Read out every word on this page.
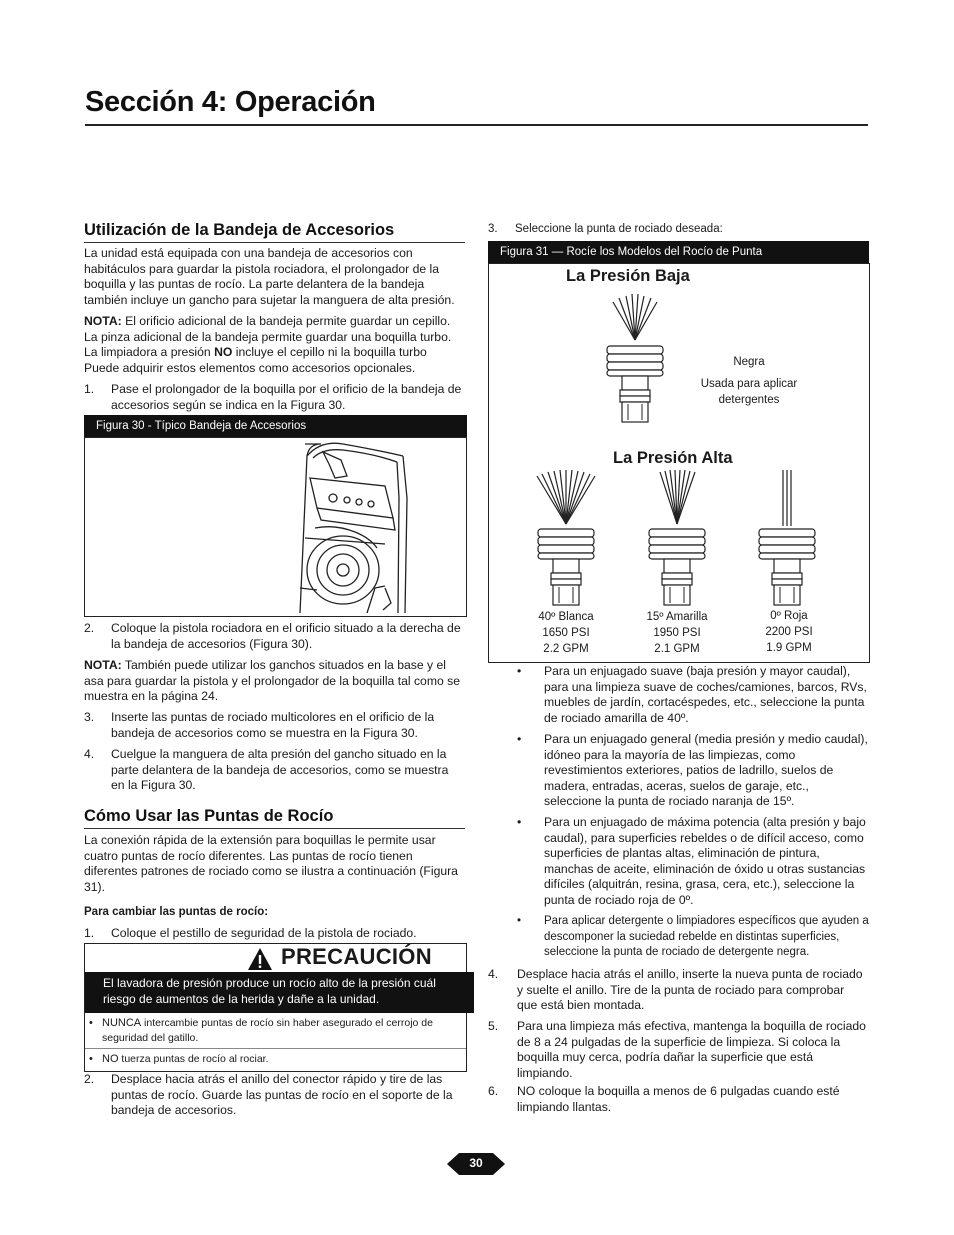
Sección 4: Operación
Utilización de la Bandeja de Accesorios
La unidad está equipada con una bandeja de accesorios con habitáculos para guardar la pistola rociadora, el prolongador de la boquilla y las puntas de rocío. La parte delantera de la bandeja también incluye un gancho para sujetar la manguera de alta presión.
NOTA: El orificio adicional de la bandeja permite guardar un cepillo. La pinza adicional de la bandeja permite guardar una boquilla turbo. La limpiadora a presión NO incluye el cepillo ni la boquilla turbo Puede adquirir estos elementos como accesorios opcionales.
1. Pase el prolongador de la boquilla por el orificio de la bandeja de accesorios según se indica en la Figura 30.
Figura 30 - Típico Bandeja de Accesorios
2. Coloque la pistola rociadora en el orificio situado a la derecha de la bandeja de accesorios (Figura 30).
NOTA: También puede utilizar los ganchos situados en la base y el asa para guardar la pistola y el prolongador de la boquilla tal como se muestra en la página 24.
3. Inserte las puntas de rociado multicolores en el orificio de la bandeja de accesorios como se muestra en la Figura 30.
4. Cuelgue la manguera de alta presión del gancho situado en la parte delantera de la bandeja de accesorios, como se muestra en la Figura 30.
Cómo Usar las Puntas de Rocío
La conexión rápida de la extensión para boquillas le permite usar cuatro puntas de rocío diferentes. Las puntas de rocío tienen diferentes patrones de rociado como se ilustra a continuación (Figura 31).
Para cambiar las puntas de rocío:
1. Coloque el pestillo de seguridad de la pistola de rociado.
PRECAUCIÓN
El lavadora de presión produce un rocío alto de la presión cuál riesgo de aumentos de la herida y dañe a la unidad.
• NUNCA intercambie puntas de rocío sin haber asegurado el cerrojo de seguridad del gatillo.
• NO tuerza puntas de rocío al rociar.
2. Desplace hacia atrás el anillo del conector rápido y tire de las puntas de rocío. Guarde las puntas de rocío en el soporte de la bandeja de accesorios.
3. Seleccione la punta de rociado deseada:
Figura 31 — Rocíe los Modelos del Rocío de Punta
La Presión Baja
Negra
Usada para aplicar
detergentes
La Presión Alta
40º Blanca
1650 PSI
2.2 GPM
15º Amarilla
1950 PSI
2.1 GPM
0º Roja
2200 PSI
1.9 GPM
• Para un enjuagado suave (baja presión y mayor caudal), para una limpieza suave de coches/camiones, barcos, RVs, muebles de jardín, cortacéspedes, etc., seleccione la punta de rociado amarilla de 40º.
• Para un enjuagado general (media presión y medio caudal), idóneo para la mayoría de las limpiezas, como revestimientos exteriores, patios de ladrillo, suelos de madera, entradas, aceras, suelos de garaje, etc., seleccione la punta de rociado naranja de 15º.
• Para un enjuagado de máxima potencia (alta presión y bajo caudal), para superficies rebeldes o de difícil acceso, como superficies de plantas altas, eliminación de pintura, manchas de aceite, eliminación de óxido u otras sustancias difíciles (alquitrán, resina, grasa, cera, etc.), seleccione la punta de rociado roja de 0º.
• Para aplicar detergente o limpiadores específicos que ayuden a descomponer la suciedad rebelde en distintas superficies, seleccione la punta de rociado de detergente negra.
4. Desplace hacia atrás el anillo, inserte la nueva punta de rociado y suelte el anillo. Tire de la punta de rociado para comprobar que está bien montada.
5. Para una limpieza más efectiva, mantenga la boquilla de rociado de 8 a 24 pulgadas de la superficie de limpieza. Si coloca la boquilla muy cerca, podría dañar la superficie que está limpiando.
6. NO coloque la boquilla a menos de 6 pulgadas cuando esté limpiando llantas.
30
